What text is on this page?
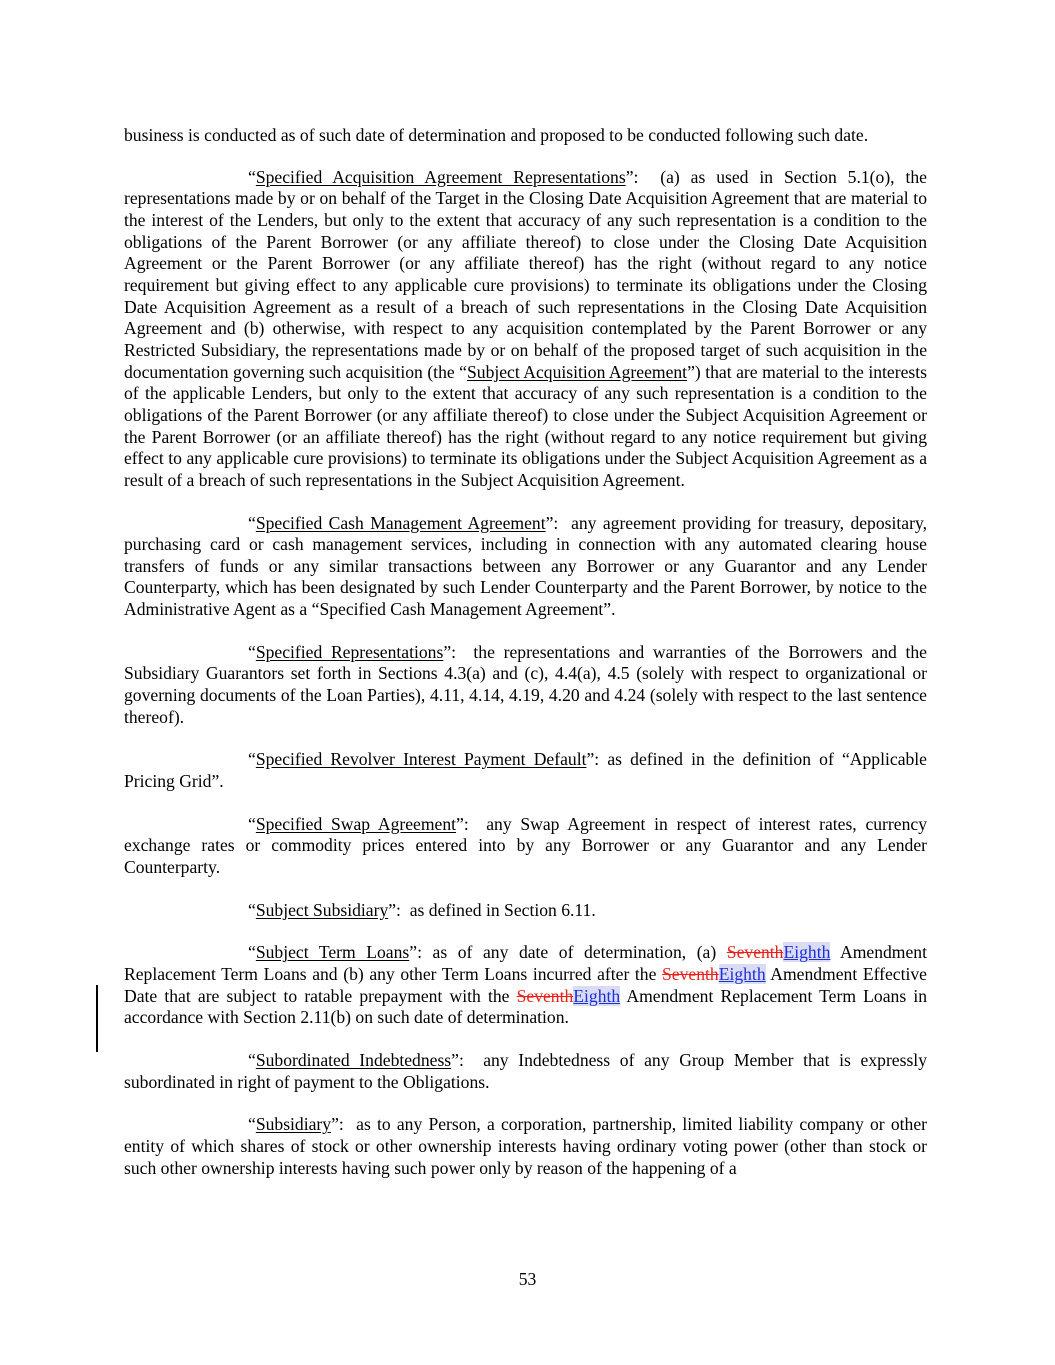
business is conducted as of such date of determination and proposed to be conducted following such date.

“Specified Acquisition Agreement Representations”:  (a) as used in Section 5.1(o), the representations made by or on behalf of the Target in the Closing Date Acquisition Agreement that are material to the interest of the Lenders, but only to the extent that accuracy of any such representation is a condition to the obligations of the Parent Borrower (or any affiliate thereof) to close under the Closing Date Acquisition Agreement or the Parent Borrower (or any affiliate thereof) has the right (without regard to any notice requirement but giving effect to any applicable cure provisions) to terminate its obligations under the Closing Date Acquisition Agreement as a result of a breach of such representations in the Closing Date Acquisition Agreement and (b) otherwise, with respect to any acquisition contemplated by the Parent Borrower or any Restricted Subsidiary, the representations made by or on behalf of the proposed target of such acquisition in the documentation governing such acquisition (the “Subject Acquisition Agreement”) that are material to the interests of the applicable Lenders, but only to the extent that accuracy of any such representation is a condition to the obligations of the Parent Borrower (or any affiliate thereof) to close under the Subject Acquisition Agreement or the Parent Borrower (or an affiliate thereof) has the right (without regard to any notice requirement but giving effect to any applicable cure provisions) to terminate its obligations under the Subject Acquisition Agreement as a result of a breach of such representations in the Subject Acquisition Agreement.

“Specified Cash Management Agreement”:  any agreement providing for treasury, depositary, purchasing card or cash management services, including in connection with any automated clearing house transfers of funds or any similar transactions between any Borrower or any Guarantor and any Lender Counterparty, which has been designated by such Lender Counterparty and the Parent Borrower, by notice to the Administrative Agent as a “Specified Cash Management Agreement”.

“Specified Representations”:  the representations and warranties of the Borrowers and the Subsidiary Guarantors set forth in Sections 4.3(a) and (c), 4.4(a), 4.5 (solely with respect to organizational or governing documents of the Loan Parties), 4.11, 4.14, 4.19, 4.20 and 4.24 (solely with respect to the last sentence thereof).

“Specified Revolver Interest Payment Default”: as defined in the definition of “Applicable Pricing Grid”.

“Specified Swap Agreement”:  any Swap Agreement in respect of interest rates, currency exchange rates or commodity prices entered into by any Borrower or any Guarantor and any Lender Counterparty.

“Subject Subsidiary”:  as defined in Section 6.11.

“Subject Term Loans”: as of any date of determination, (a) SeventhEighth Amendment Replacement Term Loans and (b) any other Term Loans incurred after the SeventhEighth Amendment Effective Date that are subject to ratable prepayment with the SeventhEighth Amendment Replacement Term Loans in accordance with Section 2.11(b) on such date of determination.

“Subordinated Indebtedness”:  any Indebtedness of any Group Member that is expressly subordinated in right of payment to the Obligations.

“Subsidiary”:  as to any Person, a corporation, partnership, limited liability company or other entity of which shares of stock or other ownership interests having ordinary voting power (other than stock or such other ownership interests having such power only by reason of the happening of a

53
